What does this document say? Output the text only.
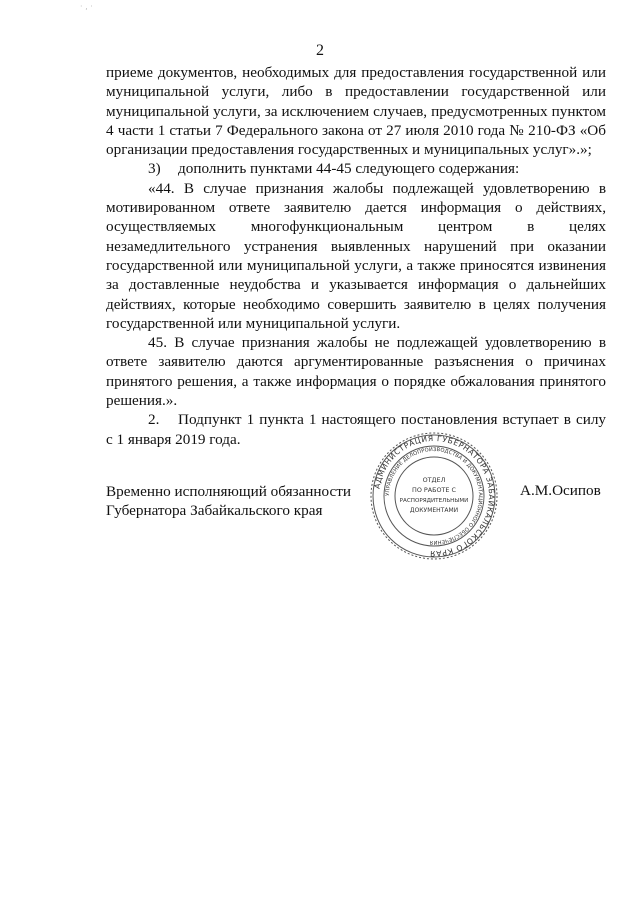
· ‚ ·
2

приеме документов, необходимых для предоставления государственной или муниципальной услуги, либо в предоставлении государственной или муниципальной услуги, за исключением случаев, предусмотренных пунктом 4 части 1 статьи 7 Федерального закона от 27 июля 2010 года № 210-ФЗ «Об организации предоставления государственных и муниципальных услуг».»;

3) дополнить пунктами 44-45 следующего содержания:

«44. В случае признания жалобы подлежащей удовлетворению в мотивированном ответе заявителю дается информация о действиях, осуществляемых многофункциональным центром в целях незамедлительного устранения выявленных нарушений при оказании государственной или муниципальной услуги, а также приносятся извинения за доставленные неудобства и указывается информация о дальнейших действиях, которые необходимо совершить заявителю в целях получения государственной или муниципальной услуги.

45. В случае признания жалобы не подлежащей удовлетворению в ответе заявителю даются аргументированные разъяснения о причинах принятого решения, а также информация о порядке обжалования принятого решения.».

2. Подпункт 1 пункта 1 настоящего постановления вступает в силу с 1 января 2019 года.

Временно исполняющий обязанности
Губернатора Забайкальского края
АДМИНИСТРАЦИЯ ГУБЕРНАТОРА ЗАБАЙКАЛЬСКОГО КРАЯ
УПРАВЛЕНИЕ ДЕЛОПРОИЗВОДСТВА И ДОКУМЕНТАЦИОННОГО ОБЕСПЕЧЕНИЯ
ОТДЕЛ
ПО РАБОТЕ С
РАСПОРЯДИТЕЛЬНЫМИ
ДОКУМЕНТАМИ
А.М.Осипов
